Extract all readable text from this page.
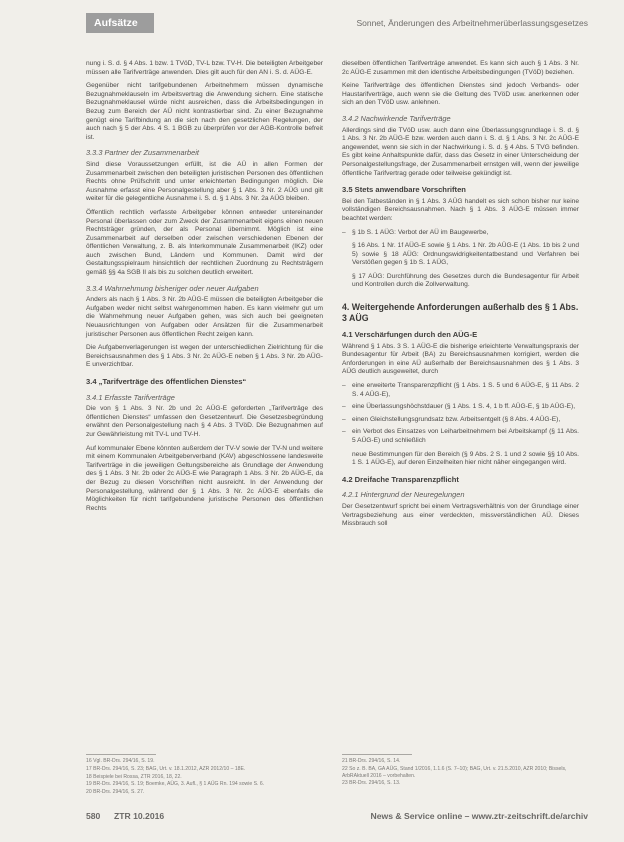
Aufsätze	Sonnet, Änderungen des Arbeitnehmerüberlassungsgesetzes

nung i. S. d. § 4 Abs. 1 bzw. 1 TVöD, TV-L bzw. TV-H. Die beteiligten Arbeitgeber müssen alle Tarifverträge anwenden. Dies gilt auch für den AN i. S. d. AÜG-E.

Gegenüber nicht tarifgebundenen Arbeitnehmern müssen dynamische Bezugnahmeklauseln im Arbeitsvertrag die Anwendung sichern. Eine statische Bezugnahmeklausel würde nicht ausreichen, dass die Arbeitsbedingungen in Bezug zum Bereich der AÜ nicht kontrastierbar sind. Zu einer Bezugnahme genügt eine Tarifbindung an die sich nach den gesetzlichen Regelungen, der auch nach § 5 der Abs. 4 S. 1 BGB zu überprüfen vor der AGB-Kontrolle befreit ist.

3.3.3 Partner der Zusammenarbeit

Sind diese Voraussetzungen erfüllt, ist die AÜ in allen Formen der Zusammenarbeit zwischen den beteiligten juristischen Personen des öffentlichen Rechts ohne Prüfschritt und unter erleichterten Bedingungen möglich. Die Ausnahme erfasst eine Personalgestellung aber § 1 Abs. 3 Nr. 2 AÜG und gilt weiter für die gelegentliche Ausnahme i. S. d. § 1 Abs. 3 Nr. 2a AÜG bleiben.

Öffentlich rechtlich verfasste Arbeitgeber können entweder untereinander Personal überlassen oder zum Zweck der Zusammenarbeit eigens einen neuen Rechtsträger gründen, der als Personal übernimmt. Möglich ist eine Zusammenarbeit auf derselben oder zwischen verschiedenen Ebenen der öffentlichen Verwaltung, z. B. als Interkommunale Zusammenarbeit (IKZ) oder auch zwischen Bund, Ländern und Kommunen. Damit wird der Gestaltungsspielraum hinsichtlich der rechtlichen Zuordnung zu Rechtsträgern gemäß §§ 4a SGB II als bis zu solchen deutlich erweitert.

3.3.4 Wahrnehmung bisheriger oder neuer Aufgaben

Anders als nach § 1 Abs. 3 Nr. 2b AÜG-E müssen die beteiligten Arbeitgeber die Aufgaben weder nicht selbst wahrgenommen haben. Es kann vielmehr gut um die Wahrnehmung neuer Aufgaben gehen, was sich auch bei geeigneten Neuausrichtungen von Aufgaben oder Ansätzen für die Zusammenarbeit juristischer Personen aus öffentlichen Recht zeigen kann.

Die Aufgabenverlagerungen ist wegen der unterschiedlichen Zielrichtung für die Bereichsausnahmen des § 1 Abs. 3 Nr. 2c AÜG-E neben § 1 Abs. 3 Nr. 2b AÜG-E unverzichtbar.

3.4 „Tarifverträge des öffentlichen Dienstes“
3.4.1 Erfasste Tarifverträge

Die von § 1 Abs. 3 Nr. 2b und 2c AÜG-E geforderten „Tarifverträge des öffentlichen Dienstes“ umfassen den Gesetzentwurf. Die Gesetzesbegründung erwähnt den Personalgestellung nach § 4 Abs. 3 TVöD. Die Bezugnahmen auf zur Gewährleistung mit TV-L und TV-H.

Auf kommunaler Ebene könnten außerdem der TV-V sowie der TV-N und weitere mit einem Kommunalen Arbeitgeberverband (KAV) abgeschlossene landesweite Tarifverträge in die jeweiligen Geltungsbereiche als Grundlage der Anwendung des § 1 Abs. 3 Nr. 2b oder 2c AÜG-E wie Paragraph 1 Abs. 3 Nr. 2b AÜG-E, da der Bezug zu diesen Vorschriften nicht ausreicht. In der Anwendung der Personalgestellung, während der § 1 Abs. 3 Nr. 2c AÜG-E ebenfalls die Möglichkeiten für nicht tarifgebundene juristische Personen des öffentlichen Rechts

dieselben öffentlichen Tarifverträge anwendet. Es kann sich auch § 1 Abs. 3 Nr. 2c AÜG-E zusammen mit den identische Arbeitsbedingungen (TVöD) beziehen.

Keine Tarifverträge des öffentlichen Dienstes sind jedoch Verbands- oder Haustarifverträge, auch wenn sie die Geltung des TVöD usw. anerkennen oder sich an den TVöD usw. anlehnen.

3.4.2 Nachwirkende Tarifverträge

Allerdings sind die TVöD usw. auch dann eine Überlassungsgrundlage i. S. d. § 1 Abs. 3 Nr. 2b AÜG-E bzw. werden auch dann i. S. d. § 1 Abs. 3 Nr. 2c AÜG-E angewendet, wenn sie sich in der Nachwirkung i. S. d. § 4 Abs. 5 TVG befinden. Es gibt keine Anhaltspunkte dafür, dass das Gesetz in einer Unterscheidung der Personalgestellungsfrage, der Zusammenarbeit ernstgen will, wenn der jeweilige öffentliche Tarifvertrag gerade oder teilweise gekündigt ist.

3.5 Stets anwendbare Vorschriften

Bei den Tatbeständen in § 1 Abs. 3 AÜG handelt es sich schon bisher nur keine vollständigen Bereichsausnahmen. Nach § 1 Abs. 3 AÜG-E müssen immer beachtet werden:

– § 1b S. 1 AÜG: Verbot der AÜ im Baugewerbe,

§ 16 Abs. 1 Nr. 1f AÜG-E sowie § 1 Abs. 1 Nr. 2b AÜG-E (1 Abs. 1b bis 2 und 5) sowie § 18 AÜG: Ordnungswidrigkeitentatbestand und Verfahren bei Verstößen gegen § 1b S. 1 AÜG,

§ 17 AÜG: Durchführung des Gesetzes durch die Bundesagentur für Arbeit und Kontrollen durch die Zollverwaltung.

4. Weitergehende Anforderungen außerhalb des § 1 Abs. 3 AÜG
4.1 Verschärfungen durch den AÜG-E

Während § 1 Abs. 3 S. 1 AÜG-E die bisherige erleichterte Verwaltungspraxis der Bundesagentur für Arbeit (BA) zu Bereichsausnahmen korrigiert, werden die Anforderungen in eine AÜ außerhalb der Bereichsausnahmen des § 1 Abs. 3 AÜG deutlich ausgeweitet, durch

– eine erweiterte Transparenzpflicht (§ 1 Abs. 1 S. 5 und 6 AÜG-E, § 11 Abs. 2 S. 4 AÜG-E),
– eine Überlassungshöchstdauer (§ 1 Abs. 1 S. 4, 1 b ff. AÜG-E, § 1b AÜG-E),
– einen Gleichstellungsgrundsatz bzw. Arbeitsentgelt (§ 8 Abs. 4 AÜG-E),
– ein Verbot des Einsatzes von Leiharbeitnehmern bei Arbeitskampf (§ 11 Abs. 5 AÜG-E) und schließlich

neue Bestimmungen für den Bereich (§ 9 Abs. 2 S. 1 und 2 sowie §§ 10 Abs. 1 S. 1 AÜG-E), auf deren Einzelheiten hier nicht näher eingegangen wird.

4.2 Dreifache Transparenzpflicht
4.2.1 Hintergrund der Neuregelungen

Der Gesetzentwurf spricht bei einem Vertragsverhältnis von der Grundlage einer Vertragsbeziehung aus einer verdeckten, missverständlichen AÜ. Dieses Missbrauch soll

16 Vgl. BR-Drs. 294/16, S. 19.
17 BR-Drs. 294/16, S. 23; BAG, Urt. v. 18.1.2012, AZR 2012/10 – 18E.
18 Beispiele bei Rossa, ZTR 2016, 18, 22.
19 BR-Drs. 294/16, S. 19; Boemke, AÜG, 3. Aufl., § 1 AÜG Rn. 194 sowie S. 6.
20 BR-Drs. 294/16, S. 27.
21 BR-Drs. 294/16, S. 14.
22 So z. B. BA, GA AÜG, Stand 1/2016, 1.1.6 (S. 7–10); BAG, Urt. v. 21.5.2010, AZR 2010; Bissels, ArbRAktuell 2016 – vorbehalten.
23 BR-Drs. 294/16, S. 13.
580 ZTR 10.2016	News & Service online – www.ztr-zeitschrift.de/archiv
